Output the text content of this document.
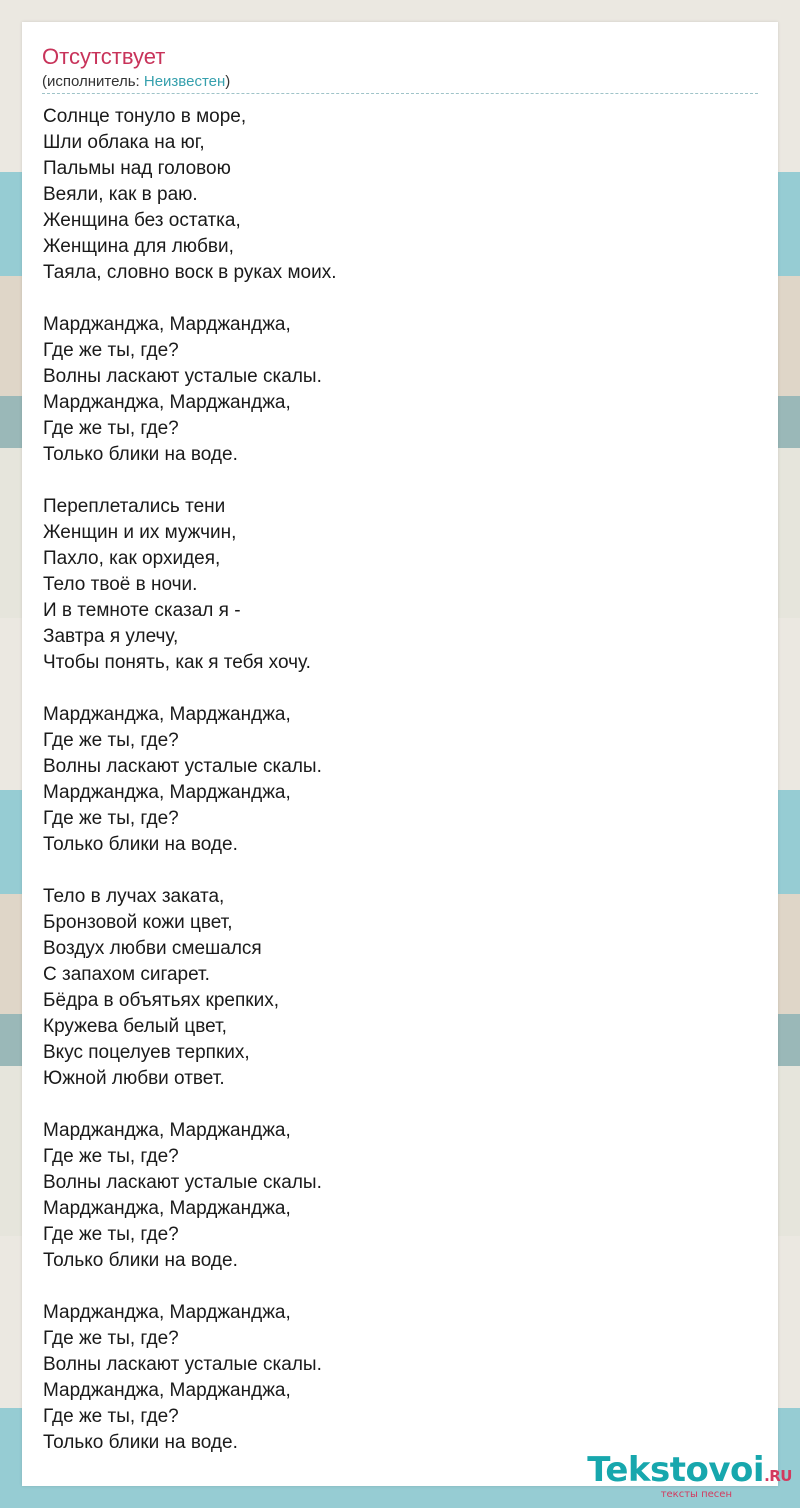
Отсутствует
(исполнитель: Неизвестен)
Солнце тонуло в море,
Шли облака на юг,
Пальмы над головою
Веяли, как в раю.
Женщина без остатка,
Женщина для любви,
Таяла, словно воск в руках моих.
Марджанджа, Марджанджа,
Где же ты, где?
Волны ласкают усталые скалы.
Марджанджа, Марджанджа,
Где же ты, где?
Только блики на воде.
Переплетались тени
Женщин и их мужчин,
Пахло, как орхидея,
Тело твоё в ночи.
И в темноте сказал я -
Завтра я улечу,
Чтобы понять, как я тебя хочу.
Марджанджа, Марджанджа,
Где же ты, где?
Волны ласкают усталые скалы.
Марджанджа, Марджанджа,
Где же ты, где?
Только блики на воде.
Тело в лучах заката,
Бронзовой кожи цвет,
Воздух любви смешался
С запахом сигарет.
Бёдра в объятьях крепких,
Кружева белый цвет,
Вкус поцелуев терпких,
Южной любви ответ.
Марджанджа, Марджанджа,
Где же ты, где?
Волны ласкают усталые скалы.
Марджанджа, Марджанджа,
Где же ты, где?
Только блики на воде.
Марджанджа, Марджанджа,
Где же ты, где?
Волны ласкают усталые скалы.
Марджанджа, Марджанджа,
Где же ты, где?
Только блики на воде.
Tekstovoi.RU
тексты песен
